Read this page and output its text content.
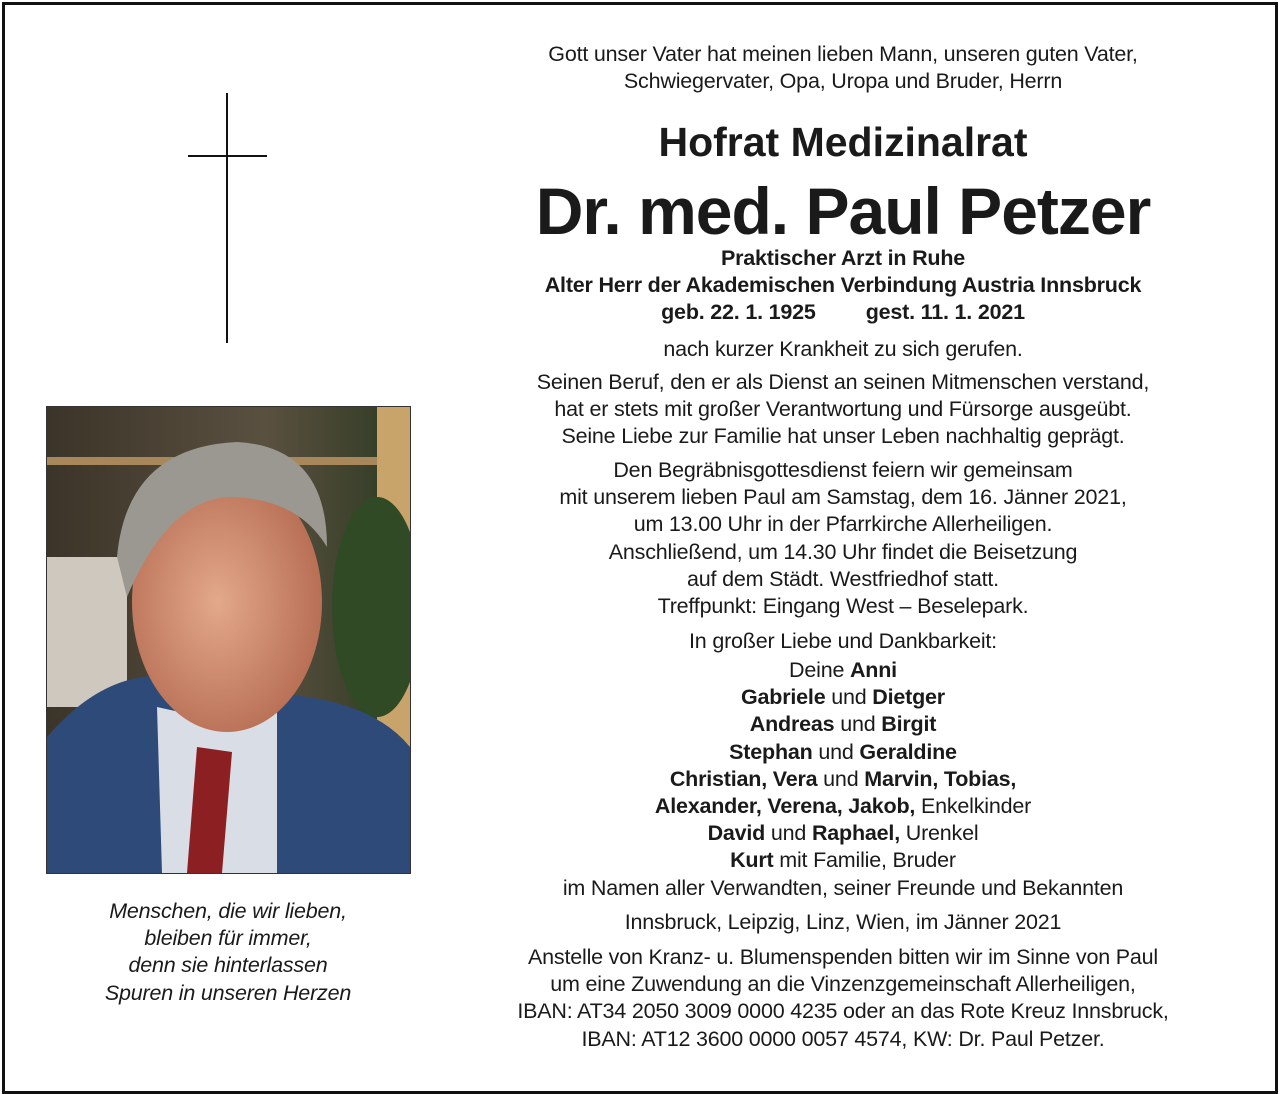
Menschen, die wir lieben,
bleiben für immer,
denn sie hinterlassen
Spuren in unseren Herzen
Gott unser Vater hat meinen lieben Mann, unseren guten Vater,
Schwiegervater, Opa, Uropa und Bruder, Herrn
Hofrat Medizinalrat
Dr. med. Paul Petzer
Praktischer Arzt in Ruhe
Alter Herr der Akademischen Verbindung Austria Innsbruck
geb. 22. 1. 1925 gest. 11. 1. 2021
nach kurzer Krankheit zu sich gerufen.
Seinen Beruf, den er als Dienst an seinen Mitmenschen verstand,
hat er stets mit großer Verantwortung und Fürsorge ausgeübt.
Seine Liebe zur Familie hat unser Leben nachhaltig geprägt.
Den Begräbnisgottesdienst feiern wir gemeinsam
mit unserem lieben Paul am Samstag, dem 16. Jänner 2021,
um 13.00 Uhr in der Pfarrkirche Allerheiligen.
Anschließend, um 14.30 Uhr findet die Beisetzung
auf dem Städt. Westfriedhof statt.
Treffpunkt: Eingang West – Beselepark.
In großer Liebe und Dankbarkeit:
Deine Anni
Gabriele und Dietger
Andreas und Birgit
Stephan und Geraldine
Christian, Vera und Marvin, Tobias,
Alexander, Verena, Jakob, Enkelkinder
David und Raphael, Urenkel
Kurt mit Familie, Bruder
im Namen aller Verwandten, seiner Freunde und Bekannten
Innsbruck, Leipzig, Linz, Wien, im Jänner 2021
Anstelle von Kranz- u. Blumenspenden bitten wir im Sinne von Paul
um eine Zuwendung an die Vinzenzgemeinschaft Allerheiligen,
IBAN: AT34 2050 3009 0000 4235 oder an das Rote Kreuz Innsbruck,
IBAN: AT12 3600 0000 0057 4574, KW: Dr. Paul Petzer.
